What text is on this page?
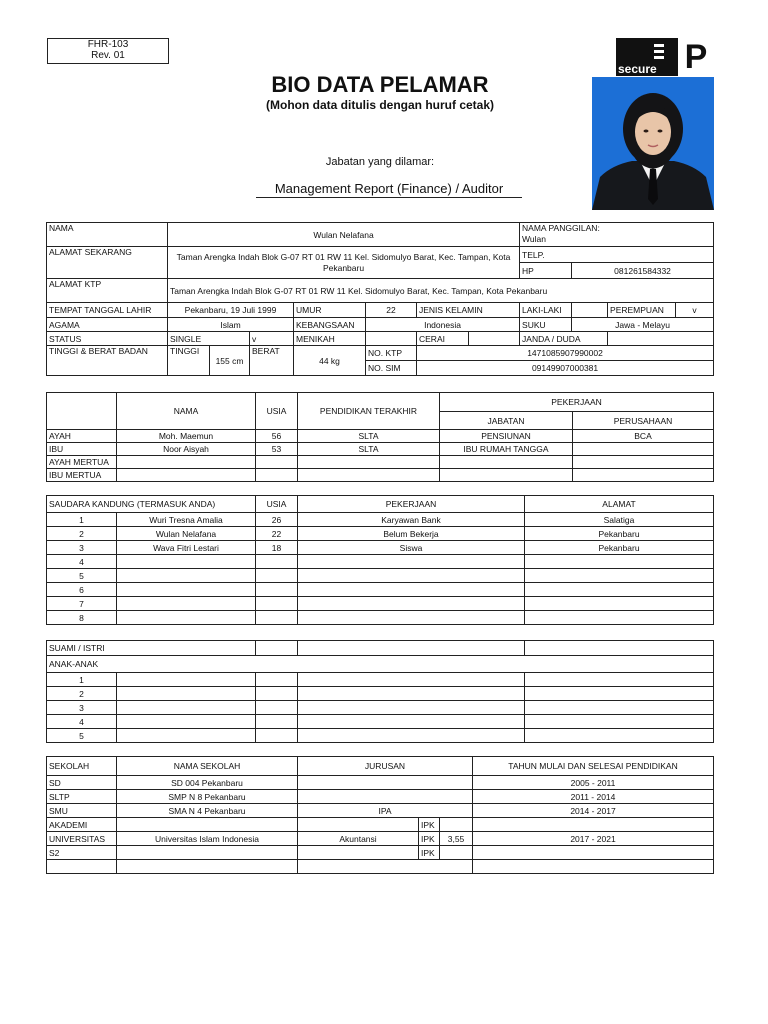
FHR-103
Rev. 01
secure P
BIO DATA PELAMAR
(Mohon data ditulis dengan huruf cetak)
Jabatan yang dilamar:
Management Report (Finance) / Auditor
NAMA	Wulan Nelafana							NAMA PANGGILAN:
Wulan			

ALAMAT SEKARANG	Taman Arengka Indah Blok G-07 RT 01 RW 11 Kel. Sidomulyo Barat, Kec. Tampan, Kota Pekanbaru							TELP.			
								HP	081261584332		
ALAMAT KTP	Taman Arengka Indah Blok G-07 RT 01 RW 11 Kel. Sidomulyo Barat, Kec. Tampan, Kota Pekanbaru										
TEMPAT TANGGAL LAHIR	Pekanbaru, 19 Juli 1999			UMUR	22	JENIS KELAMIN		LAKI-LAKI		PEREMPUAN	v
AGAMA	Islam			KEBANGSAAN	Indonesia			SUKU	Jawa - Melayu		
STATUS	SINGLE		v	MENIKAH		CERAI		JANDA / DUDA			
TINGGI & BERAT BADAN	TINGGI	155 cm	BERAT	44 kg	NO. KTP	1471085907990002					
					NO. SIM	09149907000381					
	NAMA	USIA	PENDIDIKAN TERAKHIR	PEKERJAAN	
				JABATAN	PERUSAHAAN
AYAH	Moh. Maemun	56	SLTA	PENSIUNAN	BCA
IBU	Noor Aisyah	53	SLTA	IBU RUMAH TANGGA	
AYAH MERTUA					
IBU MERTUA					
SAUDARA KANDUNG (TERMASUK ANDA)		USIA	PEKERJAAN	ALAMAT
1	Wuri Tresna Amalia	26	Karyawan Bank	Salatiga
2	Wulan Nelafana	22	Belum Bekerja	Pekanbaru
3	Wava Fitri Lestari	18	Siswa	Pekanbaru
4				
5				
6				
7				
8				
SUAMI / ISTRI				
ANAK-ANAK				
1				
2				
3				
4				
5				
SEKOLAH	NAMA SEKOLAH	JURUSAN			TAHUN MULAI DAN SELESAI PENDIDIKAN
SD	SD 004 Pekanbaru				2005 - 2011
SLTP	SMP N 8 Pekanbaru				2011 - 2014
SMU	SMA N 4 Pekanbaru	IPA			2014 - 2017
AKADEMI			IPK		
UNIVERSITAS	Universitas Islam Indonesia	Akuntansi	IPK	3,55	2017 - 2021
S2			IPK		
